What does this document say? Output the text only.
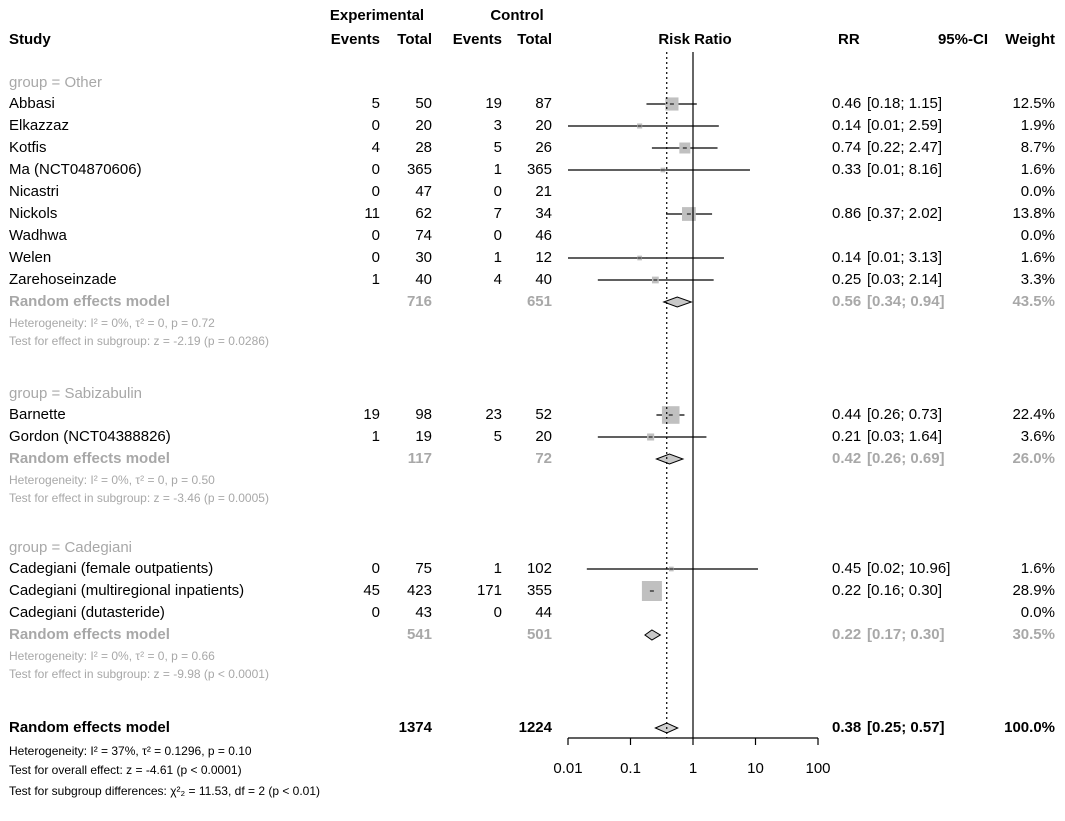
Experimental	Control
Study	Events	Total	Events	Total	Risk Ratio	RR	95%-CI	Weight
group = Other
Abbasi	5	50	19	87	0.46 [0.18; 1.15]	12.5%
Elkazzaz	0	20	3	20	0.14 [0.01; 2.59]	1.9%
Kotfis	4	28	5	26	0.74 [0.22; 2.47]	8.7%
Ma (NCT04870606)	0	365	1	365	0.33 [0.01; 8.16]	1.6%
Nicastri	0	47	0	21	0.0%
Nickols	11	62	7	34	0.86 [0.37; 2.02]	13.8%
Wadhwa	0	74	0	46	0.0%
Welen	0	30	1	12	0.14 [0.01; 3.13]	1.6%
Zarehoseinzade	1	40	4	40	0.25 [0.03; 2.14]	3.3%
Random effects model	716	651	0.56 [0.34; 0.94]	43.5%
Heterogeneity: I² = 0%, τ² = 0, p = 0.72
Test for effect in subgroup: z = -2.19 (p = 0.0286)
group = Sabizabulin
Barnette	19	98	23	52	0.44 [0.26; 0.73]	22.4%
Gordon (NCT04388826)	1	19	5	20	0.21 [0.03; 1.64]	3.6%
Random effects model	117	72	0.42 [0.26; 0.69]	26.0%
Heterogeneity: I² = 0%, τ² = 0, p = 0.50
Test for effect in subgroup: z = -3.46 (p = 0.0005)
group = Cadegiani
Cadegiani (female outpatients)	0	75	1	102	0.45 [0.02; 10.96]	1.6%
Cadegiani (multiregional inpatients)	45	423	171	355	0.22 [0.16; 0.30]	28.9%
Cadegiani (dutasteride)	0	43	0	44	0.0%
Random effects model	541	501	0.22 [0.17; 0.30]	30.5%
Heterogeneity: I² = 0%, τ² = 0, p = 0.66
Test for effect in subgroup: z = -9.98 (p < 0.0001)
Random effects model	1374	1224	0.38 [0.25; 0.57]	100.0%
Heterogeneity: I² = 37%, τ² = 0.1296, p = 0.10
Test for overall effect: z = -4.61 (p < 0.0001)
Test for subgroup differences: χ²₂ = 11.53, df = 2 (p < 0.01)
0.01 0.1	1	10	100
